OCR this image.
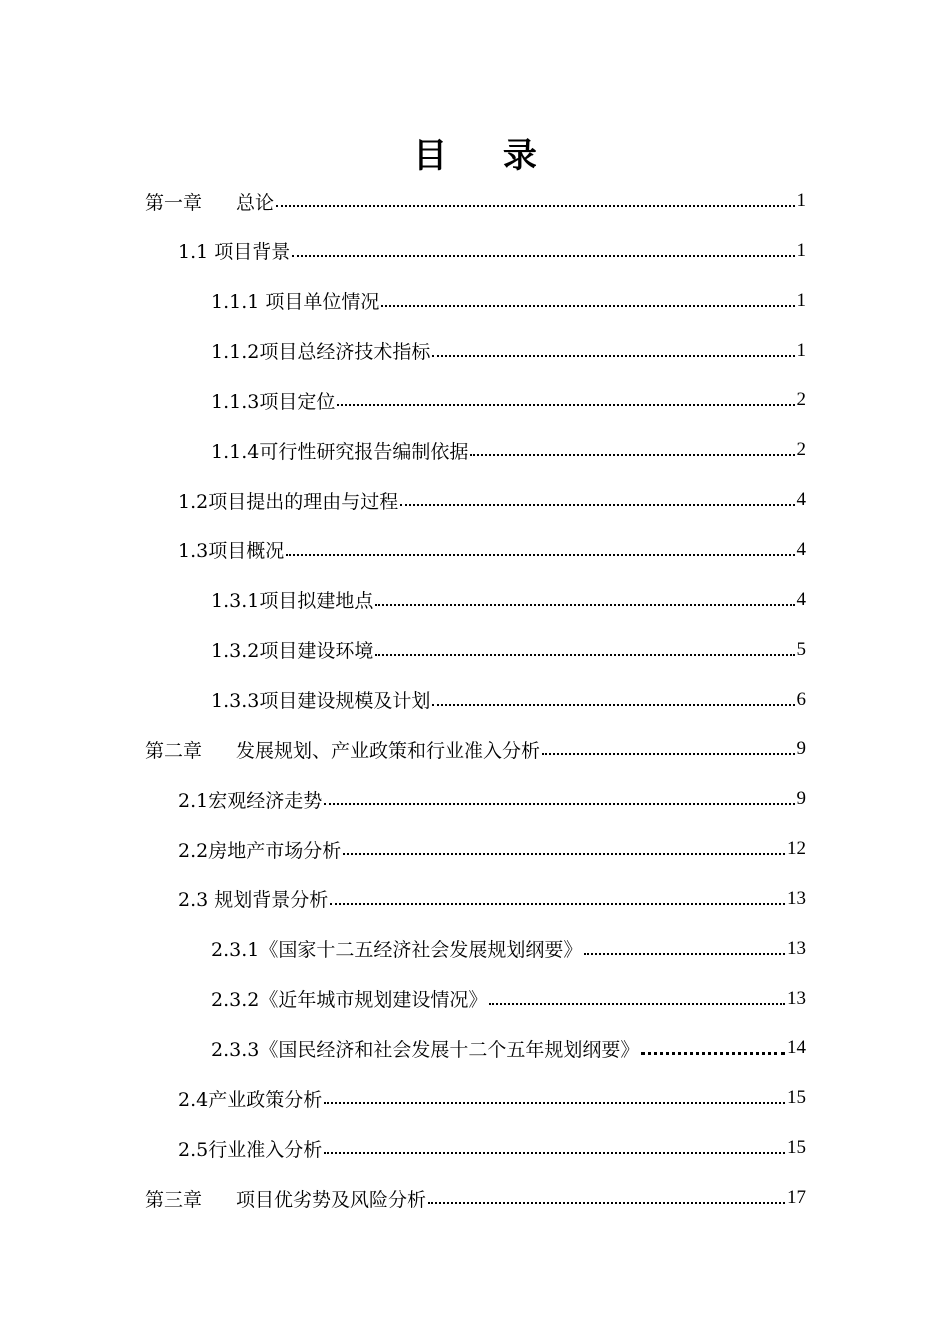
目 录
第一章 总论	1
1.1 项目背景	1
1.1.1 项目单位情况	1
1.1.2项目总经济技术指标	1
1.1.3项目定位	2
1.1.4可行性研究报告编制依据	2
1.2项目提出的理由与过程	4
1.3项目概况	4
1.3.1项目拟建地点	4
1.3.2项目建设环境	5
1.3.3项目建设规模及计划	6
第二章 发展规划、产业政策和行业准入分析	9
2.1宏观经济走势	9
2.2房地产市场分析	12
2.3 规划背景分析	13
2.3.1《国家十二五经济社会发展规划纲要》	13
2.3.2《近年城市规划建设情况》	13
2.3.3《国民经济和社会发展十二个五年规划纲要》	14
2.4产业政策分析	15
2.5行业准入分析	15
第三章 项目优劣势及风险分析	17
